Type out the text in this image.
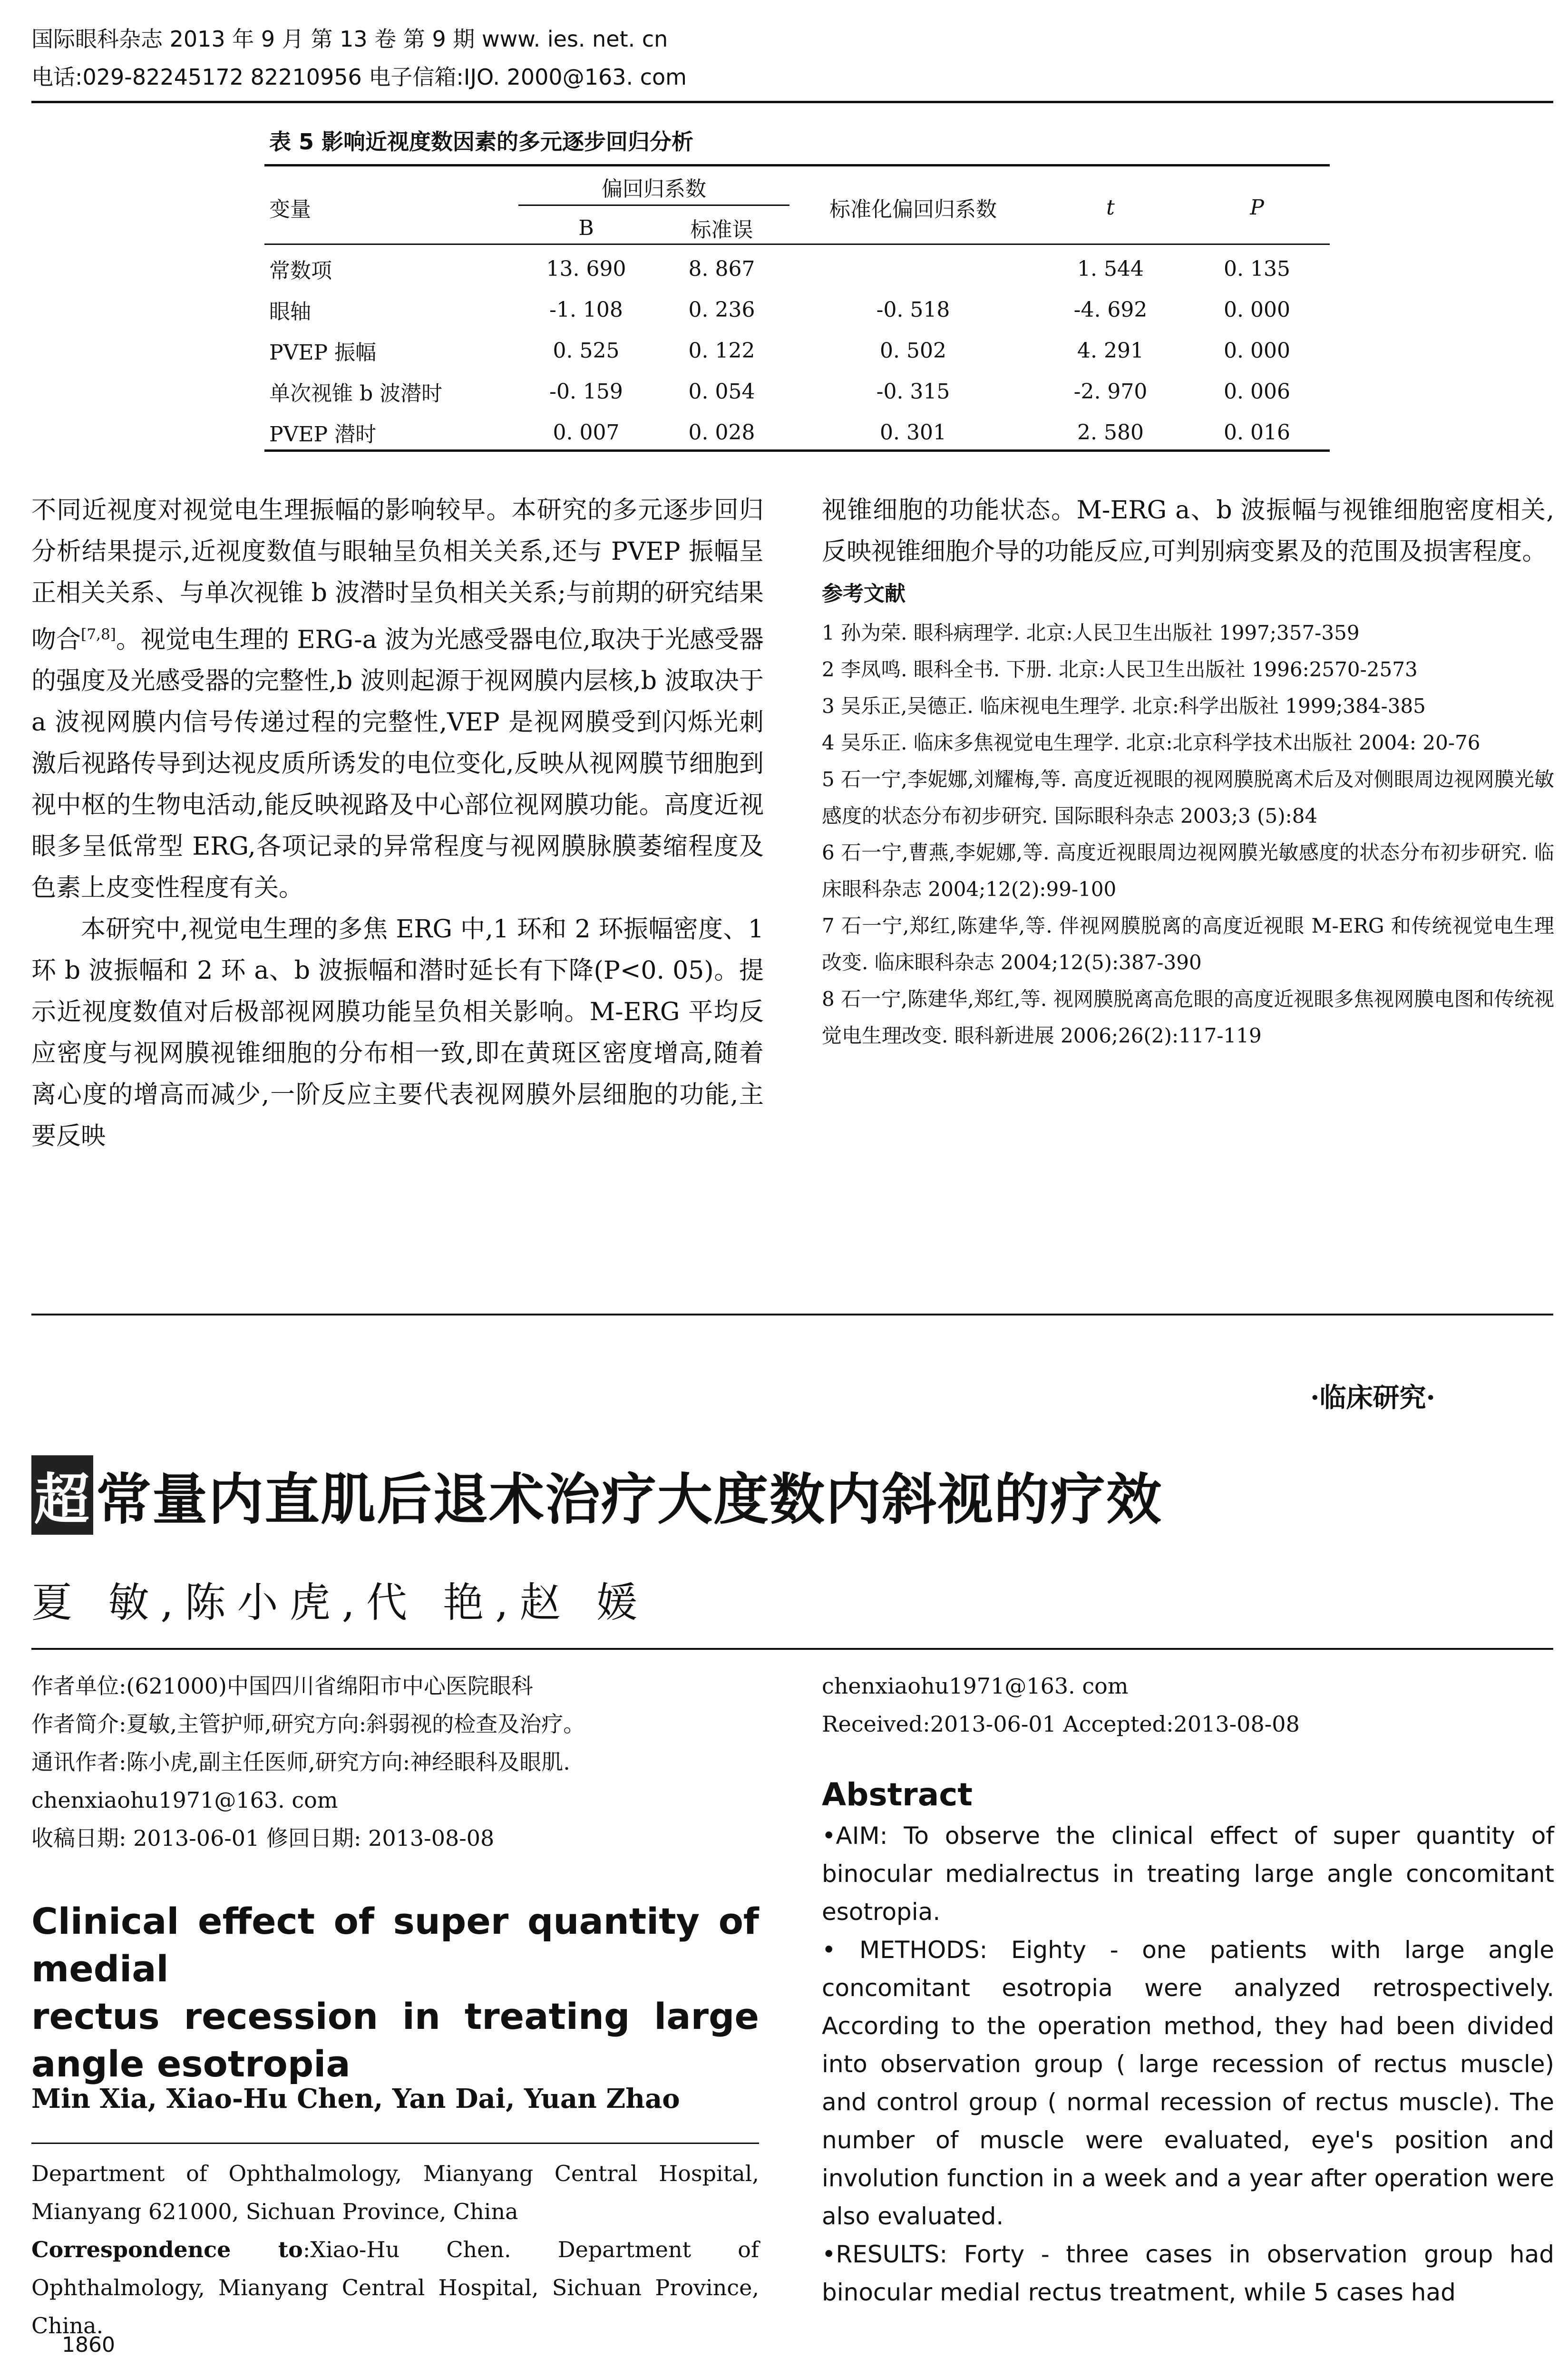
国际眼科杂志 2013 年 9 月 第 13 卷 第 9 期 www. ies. net. cn
电话:029-82245172 82210956 电子信箱:IJO. 2000@163. com
表 5 影响近视度数因素的多元逐步回归分析
变量	偏回归系数		标准化偏回归系数	t	P
	B	标准误			
常数项	13. 690	8. 867		1. 544	0. 135
眼轴	-1. 108	0. 236	-0. 518	-4. 692	0. 000
PVEP 振幅	0. 525	0. 122	0. 502	4. 291	0. 000
单次视锥 b 波潜时	-0. 159	0. 054	-0. 315	-2. 970	0. 006
PVEP 潜时	0. 007	0. 028	0. 301	2. 580	0. 016

不同近视度对视觉电生理振幅的影响较早。本研究的多元逐步回归分析结果提示,近视度数值与眼轴呈负相关关系,还与 PVEP 振幅呈正相关关系、与单次视锥 b 波潜时呈负相关关系;与前期的研究结果吻合[7,8]。视觉电生理的 ERG-a 波为光感受器电位,取决于光感受器的强度及光感受器的完整性,b 波则起源于视网膜内层核,b 波取决于 a 波视网膜内信号传递过程的完整性,VEP 是视网膜受到闪烁光刺激后视路传导到达视皮质所诱发的电位变化,反映从视网膜节细胞到视中枢的生物电活动,能反映视路及中心部位视网膜功能。高度近视眼多呈低常型 ERG,各项记录的异常程度与视网膜脉膜萎缩程度及色素上皮变性程度有关。

本研究中,视觉电生理的多焦 ERG 中,1 环和 2 环振幅密度、1 环 b 波振幅和 2 环 a、b 波振幅和潜时延长有下降(P<0. 05)。提示近视度数值对后极部视网膜功能呈负相关影响。M-ERG 平均反应密度与视网膜视锥细胞的分布相一致,即在黄斑区密度增高,随着离心度的增高而减少,一阶反应主要代表视网膜外层细胞的功能,主要反映

视锥细胞的功能状态。M-ERG a、b 波振幅与视锥细胞密度相关,反映视锥细胞介导的功能反应,可判别病变累及的范围及损害程度。

参考文献

1 孙为荣. 眼科病理学. 北京:人民卫生出版社 1997;357-359

2 李凤鸣. 眼科全书. 下册. 北京:人民卫生出版社 1996:2570-2573

3 吴乐正,吴德正. 临床视电生理学. 北京:科学出版社 1999;384-385

4 吴乐正. 临床多焦视觉电生理学. 北京:北京科学技术出版社 2004: 20-76

5 石一宁,李妮娜,刘耀梅,等. 高度近视眼的视网膜脱离术后及对侧眼周边视网膜光敏感度的状态分布初步研究. 国际眼科杂志 2003;3 (5):84

6 石一宁,曹燕,李妮娜,等. 高度近视眼周边视网膜光敏感度的状态分布初步研究. 临床眼科杂志 2004;12(2):99-100

7 石一宁,郑红,陈建华,等. 伴视网膜脱离的高度近视眼 M-ERG 和传统视觉电生理改变. 临床眼科杂志 2004;12(5):387-390

8 石一宁,陈建华,郑红,等. 视网膜脱离高危眼的高度近视眼多焦视网膜电图和传统视觉电生理改变. 眼科新进展 2006;26(2):117-119

·临床研究·
超 常量内直肌后退术治疗大度数内斜视的疗效
夏 敏,陈小虎,代 艳,赵 媛

作者单位:(621000)中国四川省绵阳市中心医院眼科

作者简介:夏敏,主管护师,研究方向:斜弱视的检查及治疗。

通讯作者:陈小虎,副主任医师,研究方向:神经眼科及眼肌.

chenxiaohu1971@163. com

收稿日期: 2013-06-01 修回日期: 2013-08-08

Clinical effect of super quantity of medial
rectus recession in treating large
angle esotropia
Min Xia, Xiao-Hu Chen, Yan Dai, Yuan Zhao

Department of Ophthalmology, Mianyang Central Hospital, Mianyang 621000, Sichuan Province, China

Correspondence to:Xiao-Hu Chen. Department of Ophthalmology, Mianyang Central Hospital, Sichuan Province, China.

1860

chenxiaohu1971@163. com

Received:2013-06-01 Accepted:2013-08-08

Abstract

•AIM: To observe the clinical effect of super quantity of binocular medialrectus in treating large angle concomitant esotropia.

• METHODS: Eighty - one patients with large angle concomitant esotropia were analyzed retrospectively. According to the operation method, they had been divided into observation group ( large recession of rectus muscle) and control group ( normal recession of rectus muscle). The number of muscle were evaluated, eye's position and involution function in a week and a year after operation were also evaluated.

•RESULTS: Forty - three cases in observation group had binocular medial rectus treatment, while 5 cases had
